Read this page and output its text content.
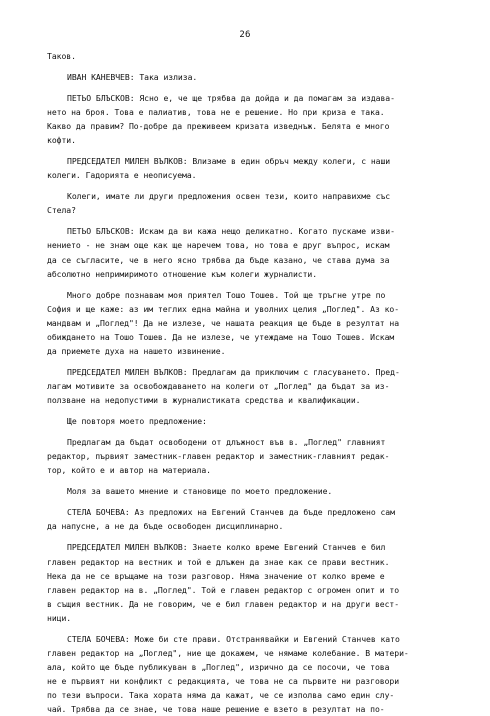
26
Таков.
ИВАН КАНЕВЧЕВ: Така излиза.
ПЕТЬО БЛЪСКОВ: Ясно е, че ще трябва да дойда и да помагам за издава-
нето на броя. Това е палиатив, това не е решение. Но при криза е така.
Какво да правим? По-добре да преживеем кризата изведнъж. Белята е много
кофти.
ПРЕДСЕДАТЕЛ МИЛЕН ВЪЛКОВ: Влизаме в един обръч между колеги, с наши
колеги. Гадорията е неописуема.
Колеги, имате ли други предложения освен тези, които направихме със
Стела?
ПЕТЬО БЛЪСКОВ: Искам да ви кажа нещо деликатно. Когато пускаме изви-
нението - не знам още как ще наречем това, но това е друг въпрос, искам
да се съгласите, че в него ясно трябва да бъде казано, че става дума за
абсолютно непримиримото отношение към колеги журналисти.
Много добре познавам моя приятел Тошо Тошев. Той ще тръгне утре по
София и ще каже: аз им теглих една майна и уволних целия „Поглед". Аз ко-
мандвам и „Поглед"! Да не излезе, че нашата реакция ще бъде в резултат на
обиждането на Тошо Тошев. Да не излезе, че утеждаме на Тошо Тошев. Искам
да приемете духа на нашето извинение.
ПРЕДСЕДАТЕЛ МИЛЕН ВЪЛКОВ: Предлагам да приключим с гласуването. Пред-
лагам мотивите за освобождаването на колеги от „Поглед" да бъдат за из-
ползване на недопустими в журналистиката средства и квалификации.
Ще повторя моето предложение:
Предлагам да бъдат освободени от длъжност във в. „Поглед" главният
редактор, първият заместник-главен редактор и заместник-главният редак-
тор, който е и автор на материала.
Моля за вашето мнение и становище по моето предложение.
СТЕЛА БОЧЕВА: Аз предложих на Евгений Станчев да бъде предложено сам
да напусне, а не да бъде освободен дисциплинарно.
ПРЕДСЕДАТЕЛ МИЛЕН ВЪЛКОВ: Знаете колко време Евгений Станчев е бил
главен редактор на вестник и той е длъжен да знае как се прави вестник.
Нека да не се връщаме на този разговор. Няма значение от колко време е
главен редактор на в. „Поглед". Той е главен редактор с огромен опит и то
в същия вестник. Да не говорим, че е бил главен редактор и на други вест-
ници.
СТЕЛА БОЧЕВА: Може би сте прави. Отстранявайки и Евгений Станчев като
главен редактор на „Поглед", ние ще докажем, че нямаме колебание. В матери-
ала, който ще бъде публикуван в „Поглед", изрично да се посочи, че това
не е първият ни конфликт с редакцията, че това не са първите ни разговори
по тези въпроси. Така хората няма да кажат, че се изполва само един слу-
чай. Трябва да се знае, че това наше решение е взето в резултат на по-
